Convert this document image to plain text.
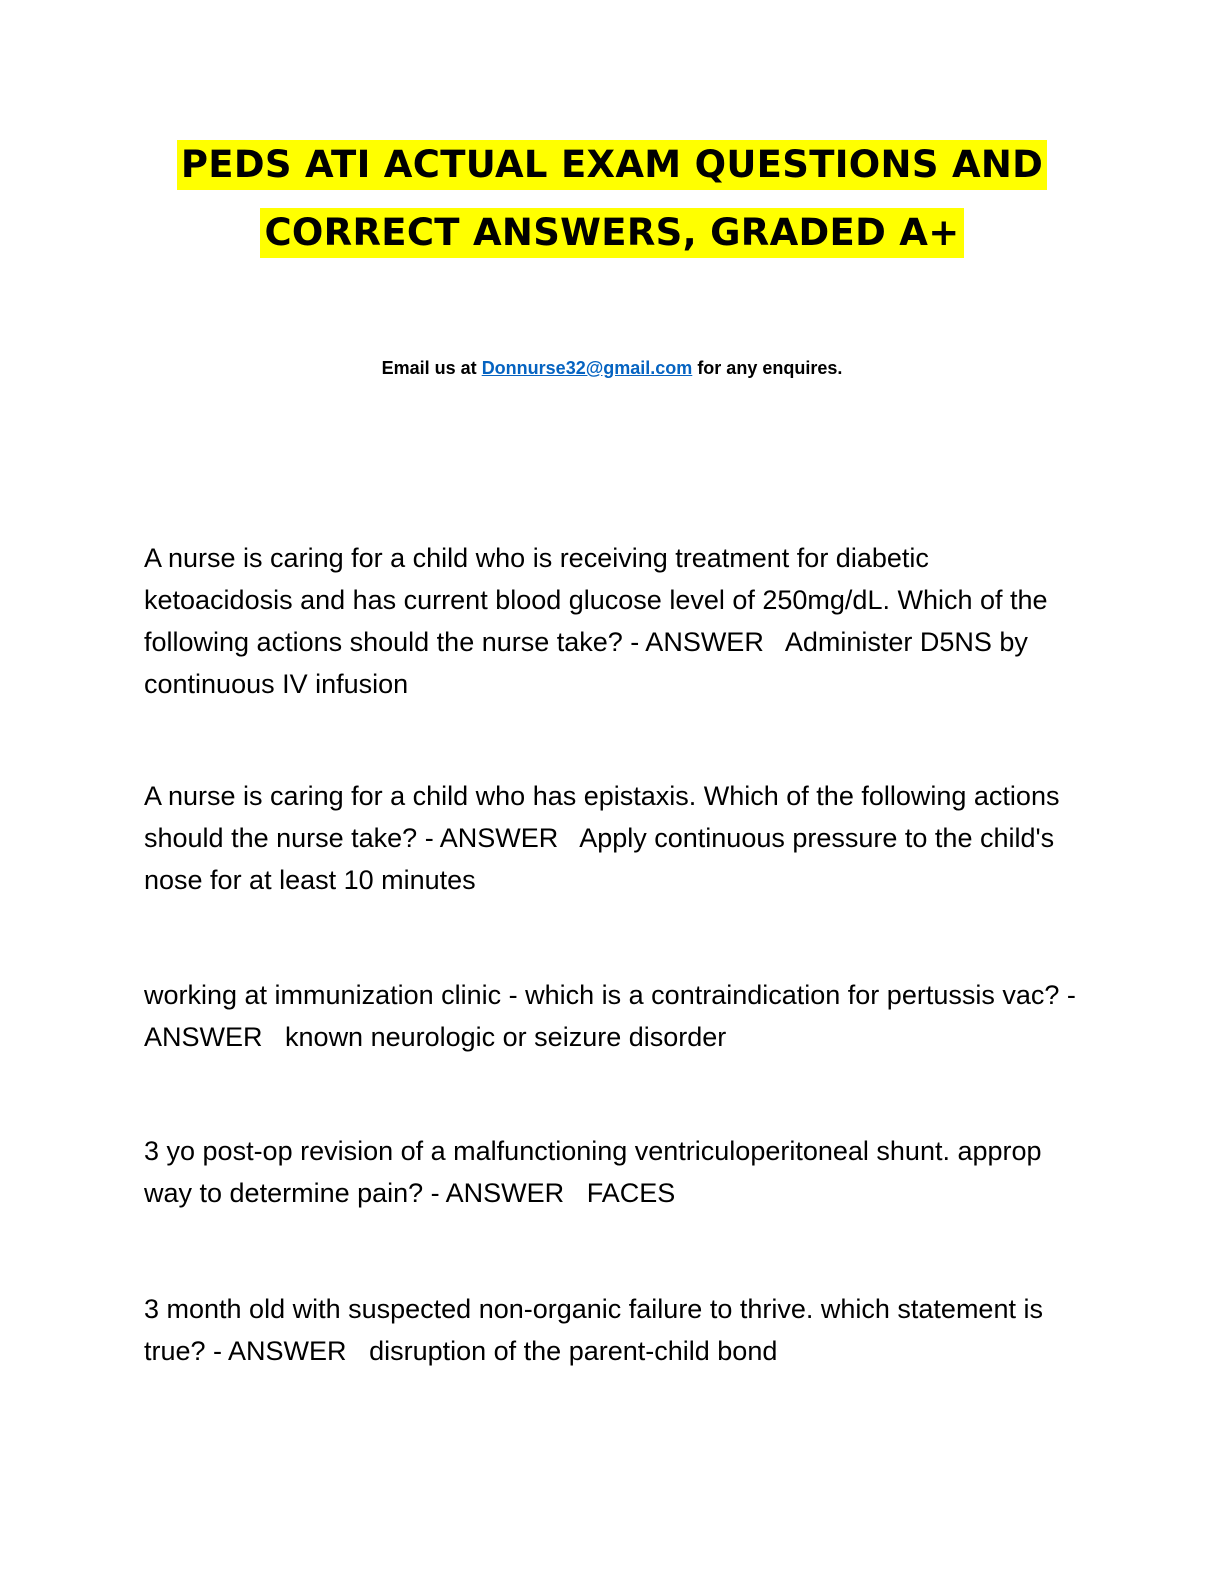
PEDS ATI ACTUAL EXAM QUESTIONS AND
CORRECT ANSWERS, GRADED A+
Email us at Donnurse32@gmail.com for any enquires.

A nurse is caring for a child who is receiving treatment for diabetic ketoacidosis and has current blood glucose level of 250mg/dL. Which of the following actions should the nurse take? - ANSWER Administer D5NS by continuous IV infusion

A nurse is caring for a child who has epistaxis. Which of the following actions should the nurse take? - ANSWER Apply continuous pressure to the child's nose for at least 10 minutes

working at immunization clinic - which is a contraindication for pertussis vac? - ANSWER known neurologic or seizure disorder

3 yo post-op revision of a malfunctioning ventriculoperitoneal shunt. approp way to determine pain? - ANSWER FACES

3 month old with suspected non-organic failure to thrive. which statement is true? - ANSWER disruption of the parent-child bond
